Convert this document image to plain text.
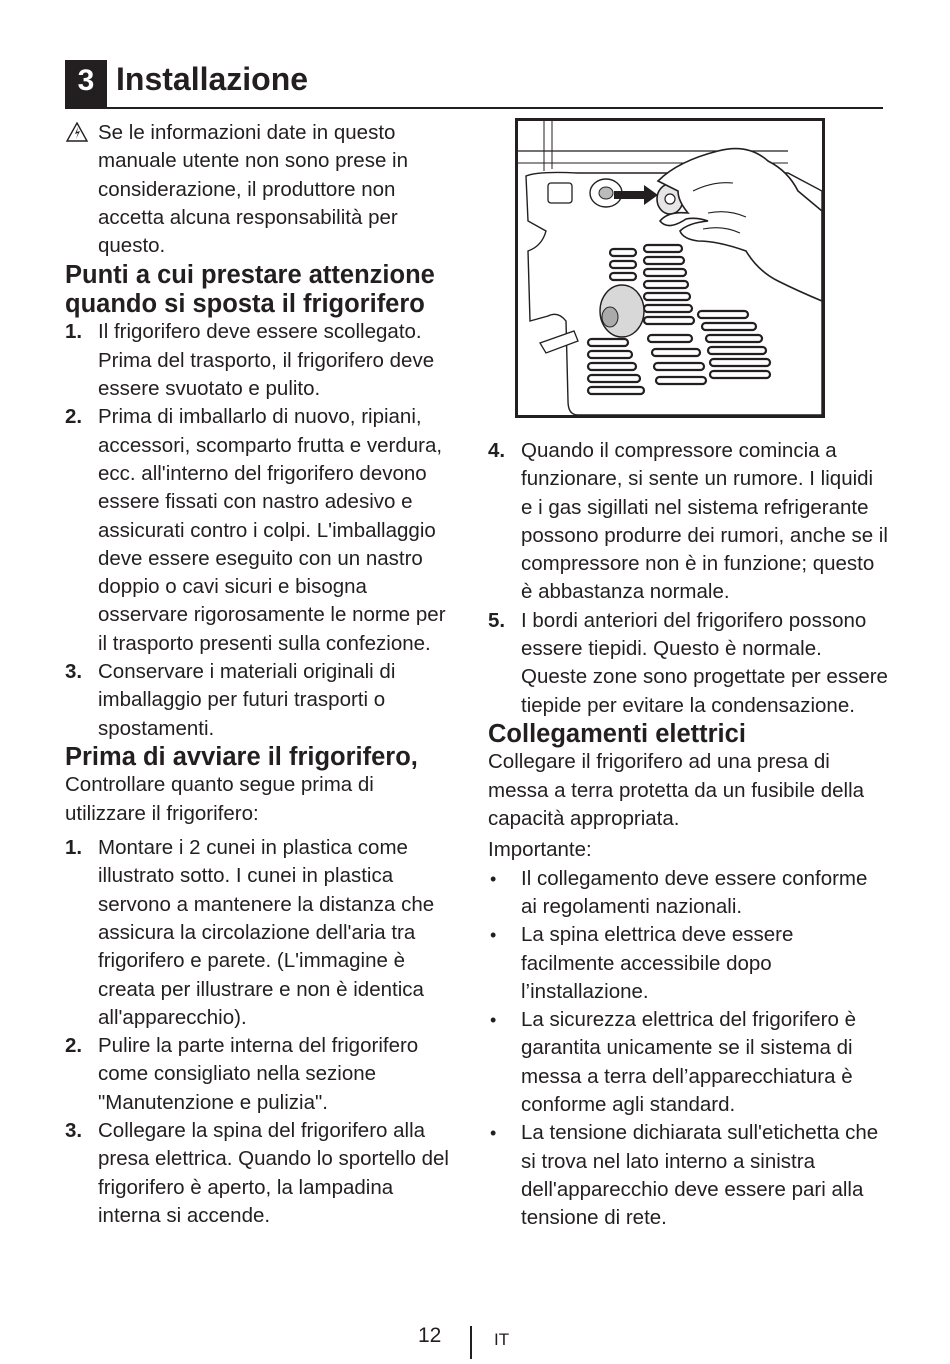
3 Installazione
Se le informazioni date in questo manuale utente non sono prese in considerazione, il produttore non accetta alcuna responsabilità per questo.
Punti a cui prestare attenzione quando si sposta il frigorifero
1. Il frigorifero deve essere scollegato. Prima del trasporto, il frigorifero deve essere svuotato e pulito.
2. Prima di imballarlo di nuovo, ripiani, accessori, scomparto frutta e verdura, ecc. all'interno del frigorifero devono essere fissati con nastro adesivo e assicurati contro i colpi. L'imballaggio deve essere eseguito con un nastro doppio o cavi sicuri e bisogna osservare rigorosamente le norme per il trasporto presenti sulla confezione.
3. Conservare i materiali originali di imballaggio per futuri trasporti o spostamenti.
Prima di avviare il frigorifero,

Controllare quanto segue prima di utilizzare il frigorifero:

1. Montare i 2 cunei in plastica come illustrato sotto. I cunei in plastica servono a mantenere la distanza che assicura la circolazione dell'aria tra frigorifero e parete. (L'immagine è creata per illustrare e non è identica all'apparecchio).
2. Pulire la parte interna del frigorifero come consigliato nella sezione "Manutenzione e pulizia".
3. Collegare la spina del frigorifero alla presa elettrica. Quando lo sportello del frigorifero è aperto, la lampadina interna si accende.
4. Quando il compressore comincia a funzionare, si sente un rumore. I liquidi e i gas sigillati nel sistema refrigerante possono produrre dei rumori, anche se il compressore non è in funzione; questo è abbastanza normale.
5. I bordi anteriori del frigorifero possono essere tiepidi. Questo è normale. Queste zone sono progettate per essere tiepide per evitare la condensazione.
Collegamenti elettrici

Collegare il frigorifero ad una presa di messa a terra protetta da un fusibile della capacità appropriata.

Importante:

• Il collegamento deve essere conforme ai regolamenti nazionali.
• La spina elettrica deve essere facilmente accessibile dopo l’installazione.
• La sicurezza elettrica del frigorifero è garantita unicamente se il sistema di messa a terra dell’apparecchiatura è conforme agli standard.
• La tensione dichiarata sull'etichetta che si trova nel lato interno a sinistra dell'apparecchio deve essere pari alla tensione di rete.
12	IT
